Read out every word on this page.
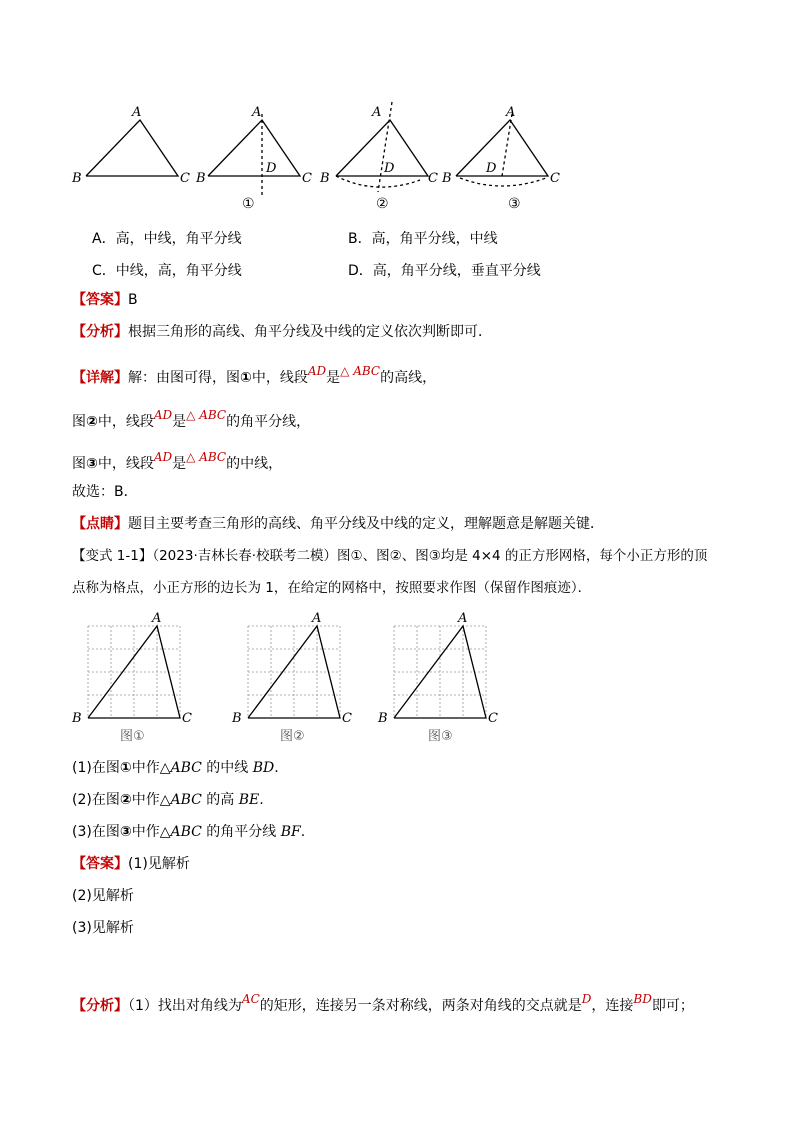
A
B	C
A
B	C
D
①
A
B	C
D
②
A
B	C
D
③
A．高，中线，角平分线	B．高，角平分线，中线
C．中线，高，角平分线	D．高，角平分线，垂直平分线
【答案】B
【分析】根据三角形的高线、角平分线及中线的定义依次判断即可．
【详解】解：由图可得，图①中，线段AD是△ ABC的高线，
图②中，线段AD是△ ABC的角平分线，
图③中，线段AD是△ ABC的中线，
故选：B．
【点睛】题目主要考查三角形的高线、角平分线及中线的定义，理解题意是解题关键．
【变式 1-1】（2023·吉林长春·校联考二模）图①、图②、图③均是 4×4 的正方形网格，每个小正方形的顶
点称为格点，小正方形的边长为 1，在给定的网格中，按照要求作图（保留作图痕迹）．
A
B	C
图①
A
B	C
图②
A
B	C
图③
(1)在图①中作△ABC 的中线 BD.
(2)在图②中作△ABC 的高 BE.
(3)在图③中作△ABC 的角平分线 BF.
【答案】(1)见解析
(2)见解析
(3)见解析
【分析】（1）找出对角线为AC的矩形，连接另一条对称线，两条对角线的交点就是D，连接BD即可；
